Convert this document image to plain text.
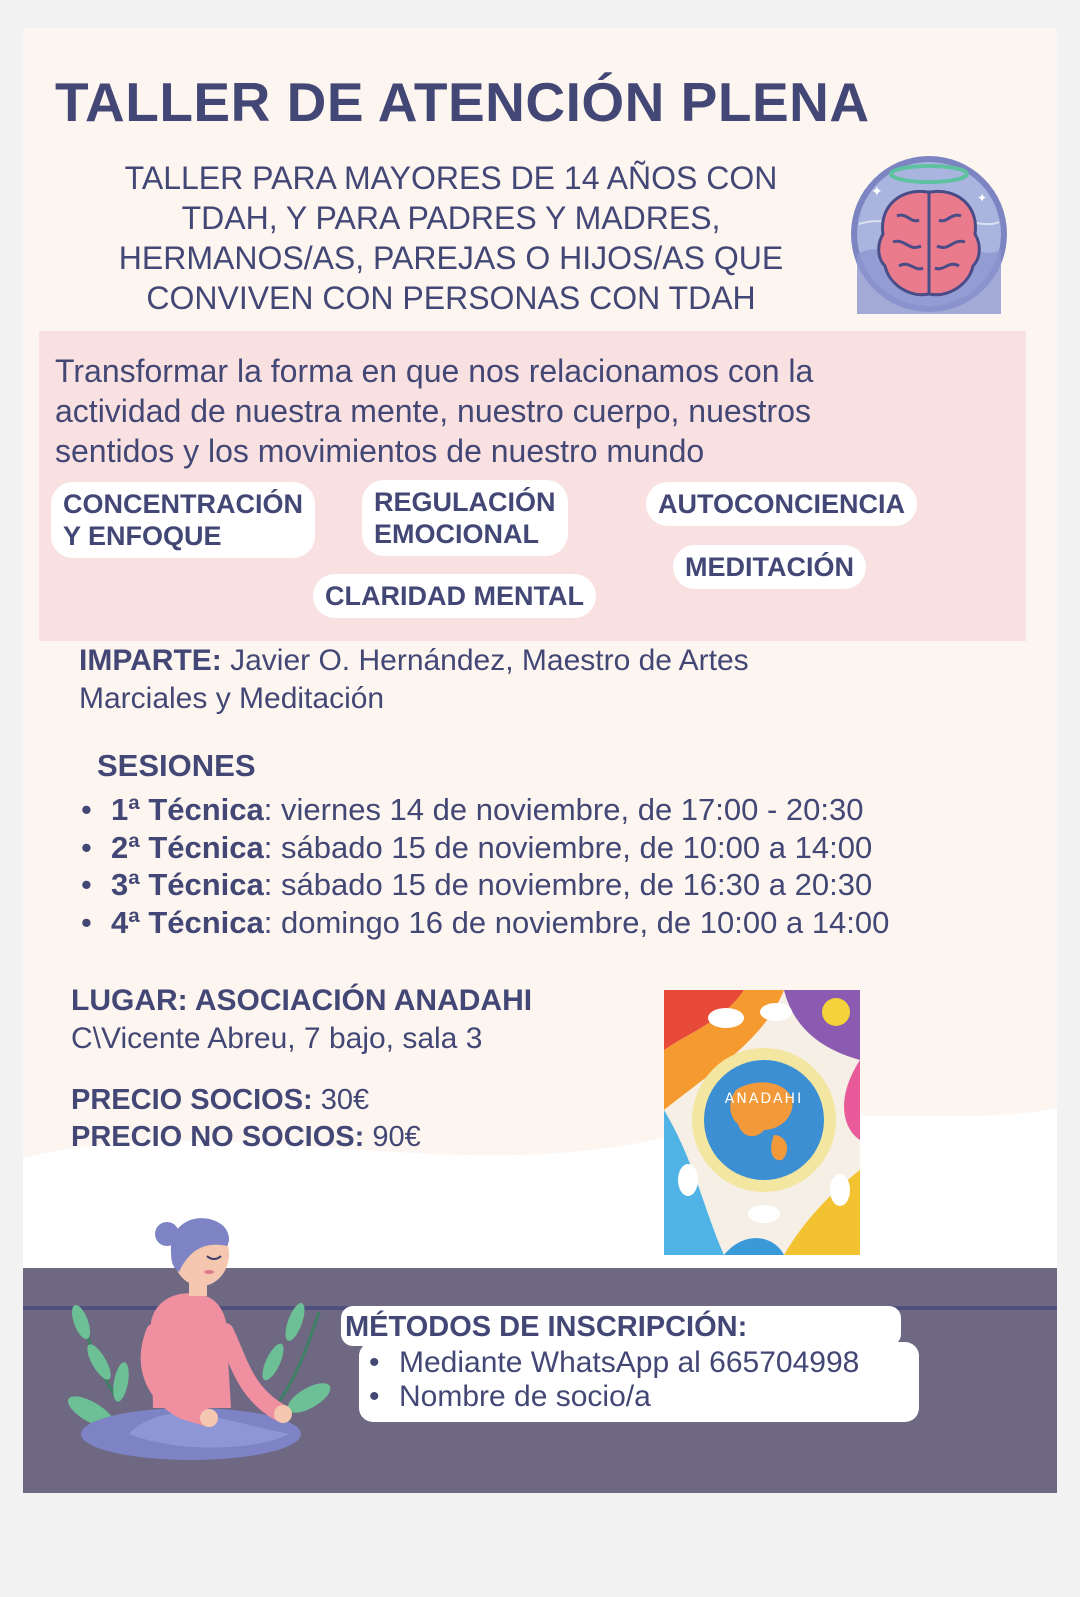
TALLER DE ATENCIÓN PLENA
TALLER PARA MAYORES DE 14 AÑOS CON
TDAH, Y PARA PADRES Y MADRES,
HERMANOS/AS, PAREJAS O HIJOS/AS QUE
CONVIVEN CON PERSONAS CON TDAH
✦	✦
Transformar la forma en que nos relacionamos con la
actividad de nuestra mente, nuestro cuerpo, nuestros
sentidos y los movimientos de nuestro mundo
CONCENTRACIÓN
Y ENFOQUE
REGULACIÓN
EMOCIONAL
AUTOCONCIENCIA
MEDITACIÓN
CLARIDAD MENTAL
IMPARTE: Javier O. Hernández, Maestro de Artes
Marciales y Meditación
SESIONES
• 1ª Técnica: viernes 14 de noviembre, de 17:00 - 20:30
• 2ª Técnica: sábado 15 de noviembre, de 10:00 a 14:00
• 3ª Técnica: sábado 15 de noviembre, de 16:30 a 20:30
• 4ª Técnica: domingo 16 de noviembre, de 10:00 a 14:00
LUGAR: ASOCIACIÓN ANADAHI
C\Vicente Abreu, 7 bajo, sala 3
PRECIO SOCIOS: 30€
PRECIO NO SOCIOS: 90€
ANADAHI
MÉTODOS DE INSCRIPCIÓN:
• Mediante WhatsApp al 665704998
• Nombre de socio/a
